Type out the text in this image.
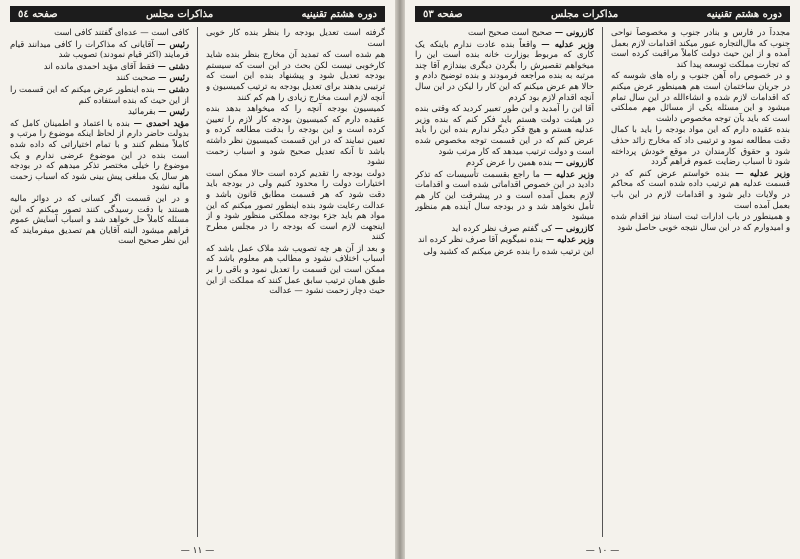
دوره هشتم تقنینیه
مذاکرات مجلس
صفحه ٥٤

گرفته است تعدیل بودجه را بنظر بنده کار خوبی است

هم شده است که تمدید آن مخارج بنظر بنده شاید کارخوبی نیست لکن بحث در این است که سیستم بودجه تعدیل شود و پیشنهاد بنده این است که ترتیبی بدهند برای تعدیل بودجه به ترتیب کمیسیون و آنچه لازم است مخارج زیادی را هم کم کنند

کمیسیون بودجه آنچه را که میخواهد بدهد بنده عقیده دارم که کمیسیون بودجه کار لازم را تعیین کرده است و این بودجه را بدقت مطالعه کرده و تعیین نمایند که در این قسمت کمیسیون نظر داشته باشد تا آنکه تعدیل صحیح شود و اسباب زحمت نشود

دولت بودجه را تقدیم کرده است حالا ممکن است اختیارات دولت را محدود کنیم ولی در بودجه باید دقت شود که هر قسمت مطابق قانون باشد و عدالت رعایت شود بنده اینطور تصور میکنم که این مواد هم باید جزء بودجه مملکتی منظور شود و از اینجهت لازم است که بودجه را در مجلس مطرح کنند

و بعد از آن هر چه تصویب شد ملاک عمل باشد که اسباب اختلاف نشود و مطالب هم معلوم باشد که ممکن است این قسمت را تعدیل نمود و باقی را بر طبق همان ترتیب سابق عمل کنند که مملکت از این حیث دچار زحمت نشود — عدالت

کافی است — عده‌ای گفتند کافی است

رئیس — آقایانی که مذاکرات را کافی میدانند قیام فرمایند (اکثر قیام نمودند) تصویب شد

دشتی — فقط آقای مؤید احمدی مانده اند

رئیس — صحبت کنند

دشتی — بنده اینطور عرض میکنم که این قسمت را از این حیث که بنده استفاده کنم

رئیس — بفرمائید

مؤید احمدی — بنده با اعتماد و اطمینان کامل که بدولت حاضر دارم از لحاظ اینکه موضوع را مرتب و کاملاً منظم کنند و با تمام اختیاراتی که داده شده است بنده در این موضوع عرضی ندارم و یک موضوع را خیلی مختصر تذکر میدهم که در بودجه هر سال یک مبلغی پیش بینی شود که اسباب زحمت مالیه نشود

و در این قسمت اگر کسانی که در دوائر مالیه هستند با دقت رسیدگی کنند تصور میکنم که این مسئله کاملاً حل خواهد شد و اسباب آسایش عموم فراهم میشود البته آقایان هم تصدیق میفرمایند که این نظر صحیح است

— ١١ —
دوره هشتم تقنینیه
مذاکرات مجلس
صفحه ٥٣

مجدداً در فارس و بنادر جنوب و مخصوصاً نواحی جنوب که مال‌التجاره عبور میکند اقدامات لازم بعمل آمده و از این حیث دولت کاملاً مراقبت کرده است که تجارت مملکت توسعه پیدا کند

و در خصوص راه آهن جنوب و راه های شوسه که در جریان ساختمان است هم همینطور عرض میکنم که اقدامات لازم شده و انشاءالله در این سال تمام میشود و این مسئله یکی از مسائل مهم مملکتی است که باید بآن توجه مخصوص داشت

بنده عقیده دارم که این مواد بودجه را باید با کمال دقت مطالعه نمود و ترتیبی داد که مخارج زائد حذف شود و حقوق کارمندان در موقع خودش پرداخته شود تا اسباب رضایت عموم فراهم گردد

وزیر عدلیه — بنده خواستم عرض کنم که در قسمت عدلیه هم ترتیب داده شده است که محاکم در ولایات دایر شود و اقدامات لازم در این باب بعمل آمده است

و همینطور در باب ادارات ثبت اسناد نیز اقدام شده و امیدوارم که در این سال نتیجه خوبی حاصل شود

کازرونی — صحیح است صحیح است

وزیر عدلیه — واقعاً بنده عادت ندارم باینکه یک کاری که مربوط بوزارت خانه بنده است این را میخواهم تقصیرش را بگردن دیگری بیندازم آقا چند مرتبه به بنده مراجعه فرمودند و بنده توضیح دادم و حالا هم عرض میکنم که این کار را لیکن در این سال آنچه اقدام لازم بود کردم

آقا این را آمدید و این طور تعبیر کردید که وقتی بنده در هیئت دولت هستم باید فکر کنم که بنده وزیر عدلیه هستم و هیچ فکر دیگر ندارم بنده این را باید عرض کنم که در این قسمت توجه مخصوص شده است و دولت ترتیب میدهد که کار مرتب شود

کازرونی — بنده همین را عرض کردم

وزیر عدلیه — ما راجع بقسمت تأسیسات که تذکر دادید در این خصوص اقداماتی شده است و اقدامات لازم بعمل آمده است و در پیشرفت این کار هم تأمل نخواهد شد و در بودجه سال آینده هم منظور میشود

کازرونی — کی گفتم صرف نظر کرده اید

وزیر عدلیه — بنده نمیگویم آقا صرف نظر کرده اند

این ترتیب شده را بنده عرض میکنم که کشید ولی

— ١٠ —
